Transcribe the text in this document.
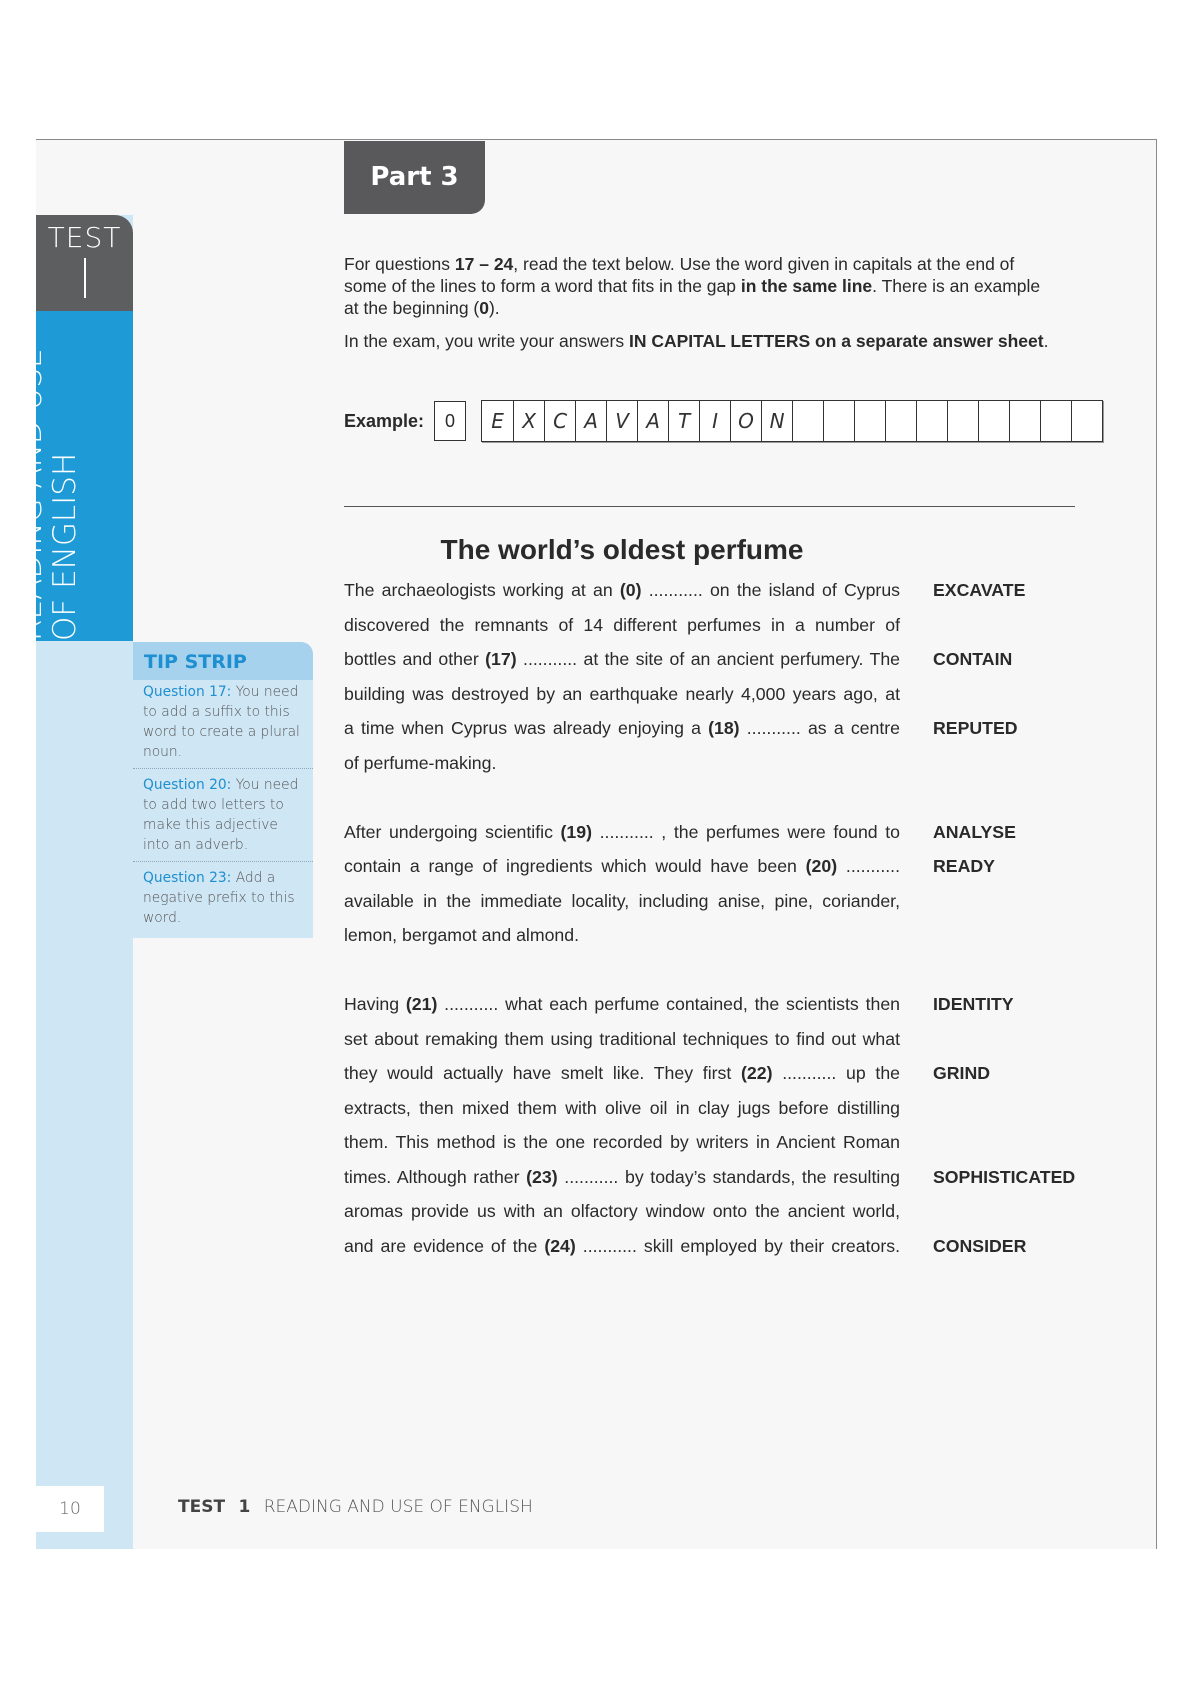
TEST
READING AND USE
OF ENGLISH
Part 3

For questions 17 – 24, read the text below. Use the word given in capitals at the end of some of the lines to form a word that fits in the gap in the same line. There is an example at the beginning (0).

In the exam, you write your answers IN CAPITAL LETTERS on a separate answer sheet.

Example:	0	E X C A V A T	I	O N
The world’s oldest perfume
The archaeologists working at an (0) ........... on the island of Cyprus
discovered the remnants of 14 different perfumes in a number of
bottles and other (17) ........... at the site of an ancient perfumery. The
building was destroyed by an earthquake nearly 4,000 years ago, at
a time when Cyprus was already enjoying a (18) ........... as a centre
of perfume-making.
After undergoing scientific (19) ........... , the perfumes were found to
contain a range of ingredients which would have been (20) ...........
available in the immediate locality, including anise, pine, coriander,
lemon, bergamot and almond.
Having (21) ........... what each perfume contained, the scientists then
set about remaking them using traditional techniques to find out what
they would actually have smelt like. They first (22) ........... up the
extracts, then mixed them with olive oil in clay jugs before distilling
them. This method is the one recorded by writers in Ancient Roman
times. Although rather (23) ........... by today’s standards, the resulting
aromas provide us with an olfactory window onto the ancient world,
and are evidence of the (24) ........... skill employed by their creators.
EXCAVATE
CONTAIN
REPUTED
ANALYSE
READY
IDENTITY
GRIND
SOPHISTICATED
CONSIDER
TIP STRIP
Question 17: You need to add a suffix to this word to create a plural noun.
Question 20: You need to add two letters to make this adjective into an adverb.
Question 23: Add a negative prefix to this word.
10	TEST 1 READING AND USE OF ENGLISH
